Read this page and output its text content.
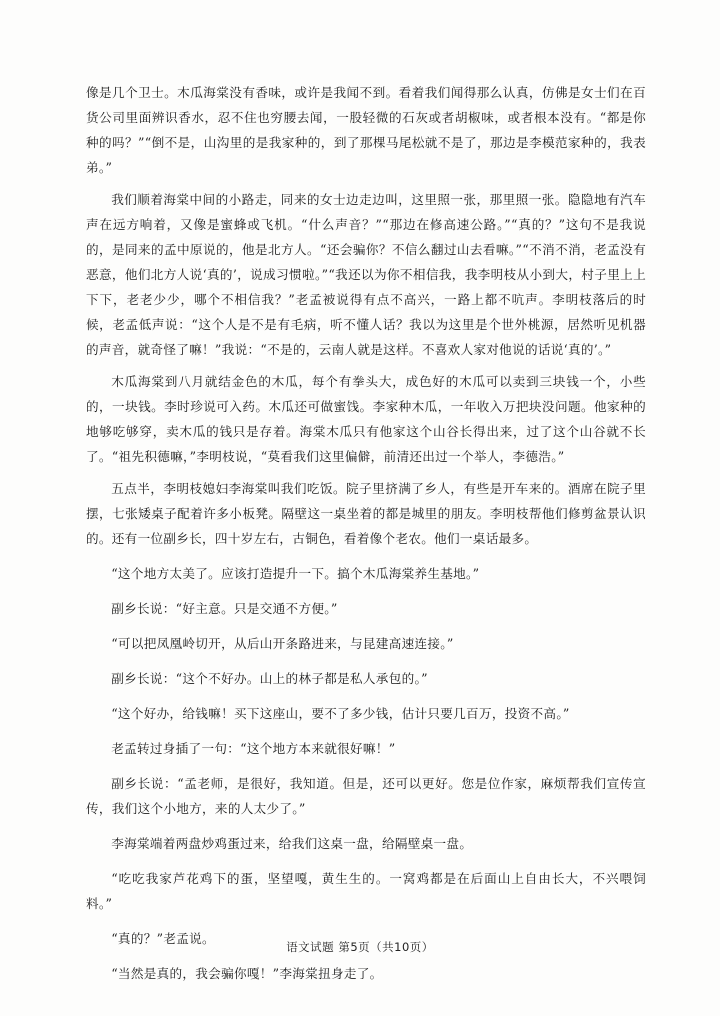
像是几个卫士。木瓜海棠没有香味，或许是我闻不到。看着我们闻得那么认真，仿佛是女士们在百货公司里面辨识香水，忍不住也穷腰去闻，一股轻微的石灰或者胡椒味，或者根本没有。“都是你种的吗？”“倒不是，山沟里的是我家种的，到了那棵马尾松就不是了，那边是李模范家种的，我表弟。”

我们顺着海棠中间的小路走，同来的女士边走边叫，这里照一张，那里照一张。隐隐地有汽车声在远方响着，又像是蜜蜂或飞机。“什么声音？”“那边在修高速公路。”“真的？”这句不是我说的，是同来的孟中原说的，他是北方人。“还会骗你？不信么翻过山去看嘛。”“不消不消，老孟没有恶意，他们北方人说‘真的’，说成习惯啦。”“我还以为你不相信我，我李明枝从小到大，村子里上上下下，老老少少，哪个不相信我？”老孟被说得有点不高兴，一路上都不吭声。李明枝落后的时候，老孟低声说：“这个人是不是有毛病，听不懂人话？我以为这里是个世外桃源，居然听见机器的声音，就奇怪了嘛！”我说：“不是的，云南人就是这样。不喜欢人家对他说的话说‘真的’。”

木瓜海棠到八月就结金色的木瓜，每个有拳头大，成色好的木瓜可以卖到三块钱一个，小些的，一块钱。李时珍说可入药。木瓜还可做蜜饯。李家种木瓜，一年收入万把块没问题。他家种的地够吃够穿，卖木瓜的钱只是存着。海棠木瓜只有他家这个山谷长得出来，过了这个山谷就不长了。“祖先积德嘛，”李明枝说，“莫看我们这里偏僻，前清还出过一个举人，李德浩。”

五点半，李明枝媳妇李海棠叫我们吃饭。院子里挤满了乡人，有些是开车来的。酒席在院子里摆，七张矮桌子配着许多小板凳。隔壁这一桌坐着的都是城里的朋友。李明枝帮他们修剪盆景认识的。还有一位副乡长，四十岁左右，古铜色，看着像个老农。他们一桌话最多。

“这个地方太美了。应该打造提升一下。搞个木瓜海棠养生基地。”

副乡长说：“好主意。只是交通不方便。”

“可以把凤凰岭切开，从后山开条路进来，与昆建高速连接。”

副乡长说：“这个不好办。山上的林子都是私人承包的。”

“这个好办，给钱嘛！买下这座山，要不了多少钱，估计只要几百万，投资不高。”

老孟转过身插了一句：“这个地方本来就很好嘛！”

副乡长说：“孟老师，是很好，我知道。但是，还可以更好。您是位作家，麻烦帮我们宣传宣传，我们这个小地方，来的人太少了。”

李海棠端着两盘炒鸡蛋过来，给我们这桌一盘，给隔壁桌一盘。

“吃吃我家芦花鸡下的蛋，坚望嘎，黄生生的。一窝鸡都是在后面山上自由长大，不兴喂饲料。”

“真的？”老孟说。

“当然是真的，我会骗你嘎！”李海棠扭身走了。

语文试题 第5页（共10页）
